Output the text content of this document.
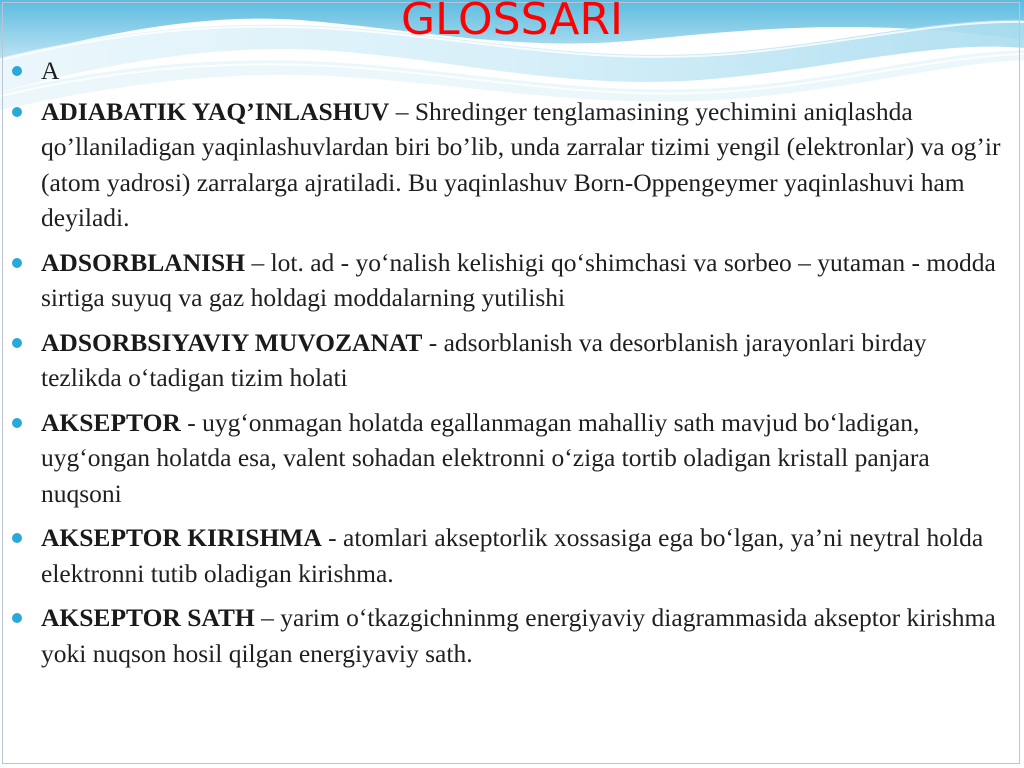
GLOSSARI
A
ADIABATIK YAQ’INLASHUV – Shredinger tenglamasining yechimini aniqlashda qo’llaniladigan yaqinlashuvlardan biri bo’lib, unda zarralar tizimi yengil (elektronlar) va og’ir (atom yadrosi) zarralarga ajratiladi. Bu yaqinlashuv Born-Oppengeymer yaqinlashuvi ham deyiladi.
ADSORBLANISH – lot. ad - yo‘nalish kelishigi qo‘shimchasi va sorbeo – yutaman - modda sirtiga suyuq va gaz holdagi moddalarning yutilishi
ADSORBSIYAVIY MUVOZANAT - adsorblanish va desorblanish jarayonlari birday tezlikda o‘tadigan tizim holati
AKSEPTOR - uyg‘onmagan holatda egallanmagan mahalliy sath mavjud bo‘ladigan, uyg‘ongan holatda esa, valent sohadan elektronni o‘ziga tortib oladigan kristall panjara nuqsoni
AKSEPTOR KIRISHMA - atomlari akseptorlik xossasiga ega bo‘lgan, ya’ni neytral holda elektronni tutib oladigan kirishma.
AKSEPTOR SATH – yarim o‘tkazgichninmg energiyaviy diagrammasida akseptor kirishma yoki nuqson hosil qilgan energiyaviy sath.
